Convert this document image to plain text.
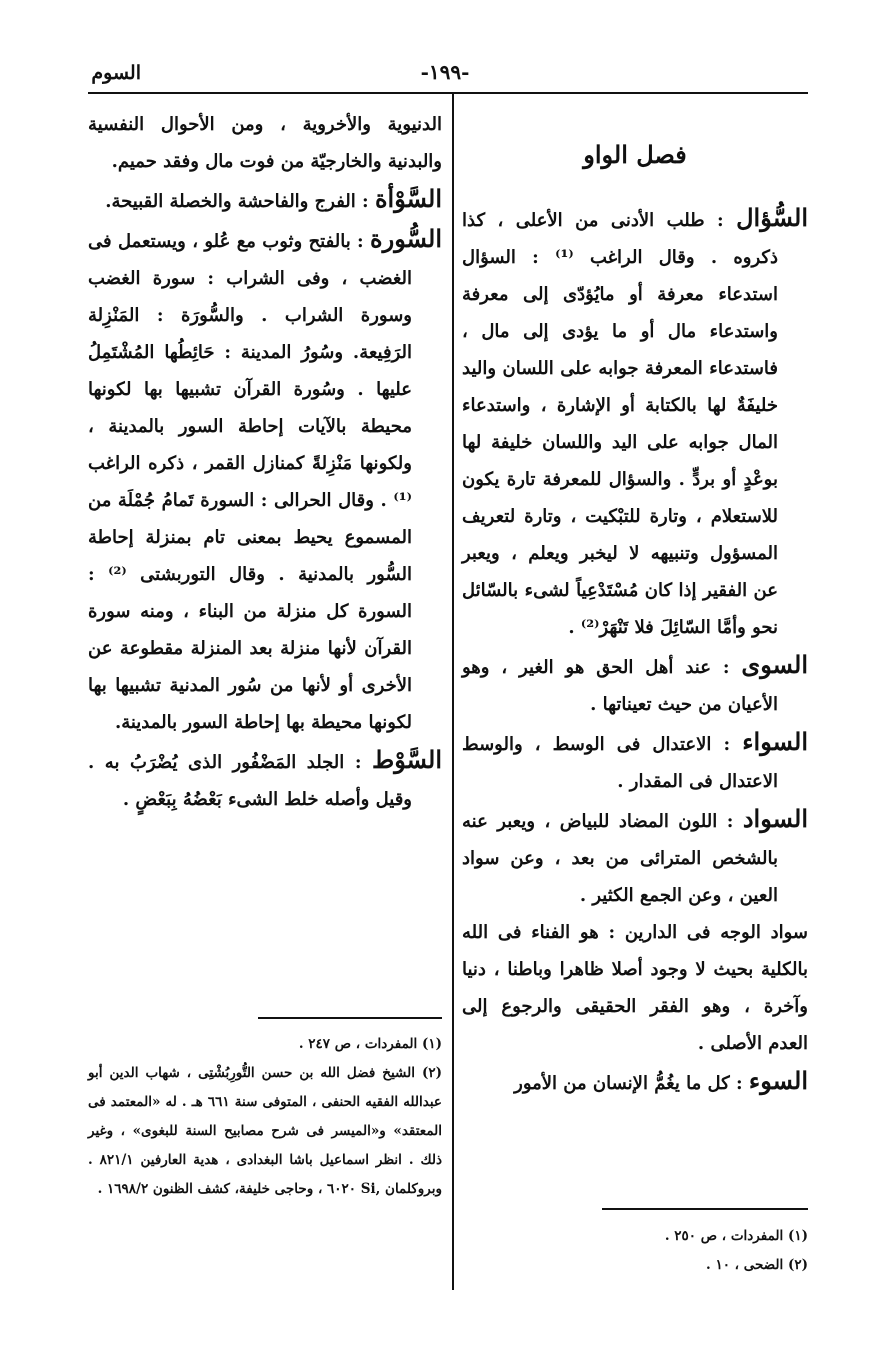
السوم	-١٩٩-

فصل الواو

السُّؤال : طلب الأدنى من الأعلى ، كذا ذكروه . وقال الراغب ⁽¹⁾ : السؤال استدعاء معرفة أو مايُؤدّى إلى معرفة واستدعاء مال أو ما يؤدى إلى مال ، فاستدعاء المعرفة جوابه على اللسان واليد خليفَةٌ لها بالكتابة أو الإشارة ، واستدعاء المال جوابه على اليد واللسان خليفة لها بوعْدٍ أو بردٍّ . والسؤال للمعرفة تارة يكون للاستعلام ، وتارة للتبْكيت ، وتارة لتعريف المسؤول وتنبيهه لا ليخبر ويعلم ، ويعبر عن الفقير إذا كان مُسْتَدْعِياً لشىء بالسّائل نحو وأمَّا السّائِلَ فلا تَنْهَرْ⁽²⁾ .

السوى : عند أهل الحق هو الغير ، وهو الأعيان من حيث تعيناتها .

السواء : الاعتدال فى الوسط ، والوسط الاعتدال فى المقدار .

السواد : اللون المضاد للبياض ، ويعبر عنه بالشخص المترائى من بعد ، وعن سواد العين ، وعن الجمع الكثير .

سواد الوجه فى الدارين : هو الفناء فى الله بالكلية بحيث لا وجود أصلا ظاهرا وباطنا ، دنيا وآخرة ، وهو الفقر الحقيقى والرجوع إلى العدم الأصلى .

السوء : كل ما يغُمُّ الإنسان من الأمور

الدنيوية والأخروية ، ومن الأحوال النفسية والبدنية والخارجيّة من فوت مال وفقد حميم.

السَّوْأة : الفرج والفاحشة والخصلة القبيحة.

السُّورة : بالفتح وثوب مع عُلو ، ويستعمل فى الغضب ، وفى الشراب : سورة الغضب وسورة الشراب . والسُّورَة : المَنْزِلة الرَفِيعة. وسُورُ المدينة : حَائِطُها المُشْتَمِلُ عليها . وسُورة القرآن تشبيها بها لكونها محيطة بالآيات إحاطة السور بالمدينة ، ولكونها مَنْزِلةً كمنازل القمر ، ذكره الراغب ⁽¹⁾ . وقال الحرالى : السورة تَمامُ جُمْلَة من المسموع يحيط بمعنى تام بمنزلة إحاطة السُّور بالمدنية . وقال التوربشتى ⁽²⁾ : السورة كل منزلة من البناء ، ومنه سورة القرآن لأنها منزلة بعد المنزلة مقطوعة عن الأخرى أو لأنها من سُور المدنية تشبيها بها لكونها محيطة بها إحاطة السور بالمدينة.

السَّوْط : الجلد المَضْفُور الذى يُضْرَبُ به . وقيل وأصله خلط الشىء بَعْضُهُ بِبَعْضٍ .

(١) المفردات ، ص ٢٤٧ .

(٢) الشيخ فضل الله بن حسن التُّورِبُشْتِى ، شهاب الدين أبو عبدالله الفقيه الحنفى ، المتوفى سنة ٦٦١ هـ . له «المعتمد فى المعتقد» و«الميسر فى شرح مصابيح السنة للبغوى» ، وغير ذلك . انظر اسماعيل باشا البغدادى ، هدية العارفين ٨٢١/١ . وبروكلمان ,Si ٦٠٢٠ ، وحاجى خليفة، كشف الظنون ١٦٩٨/٢ .

(١) المفردات ، ص ٢٥٠ .

(٢) الضحى ، ١٠ .
